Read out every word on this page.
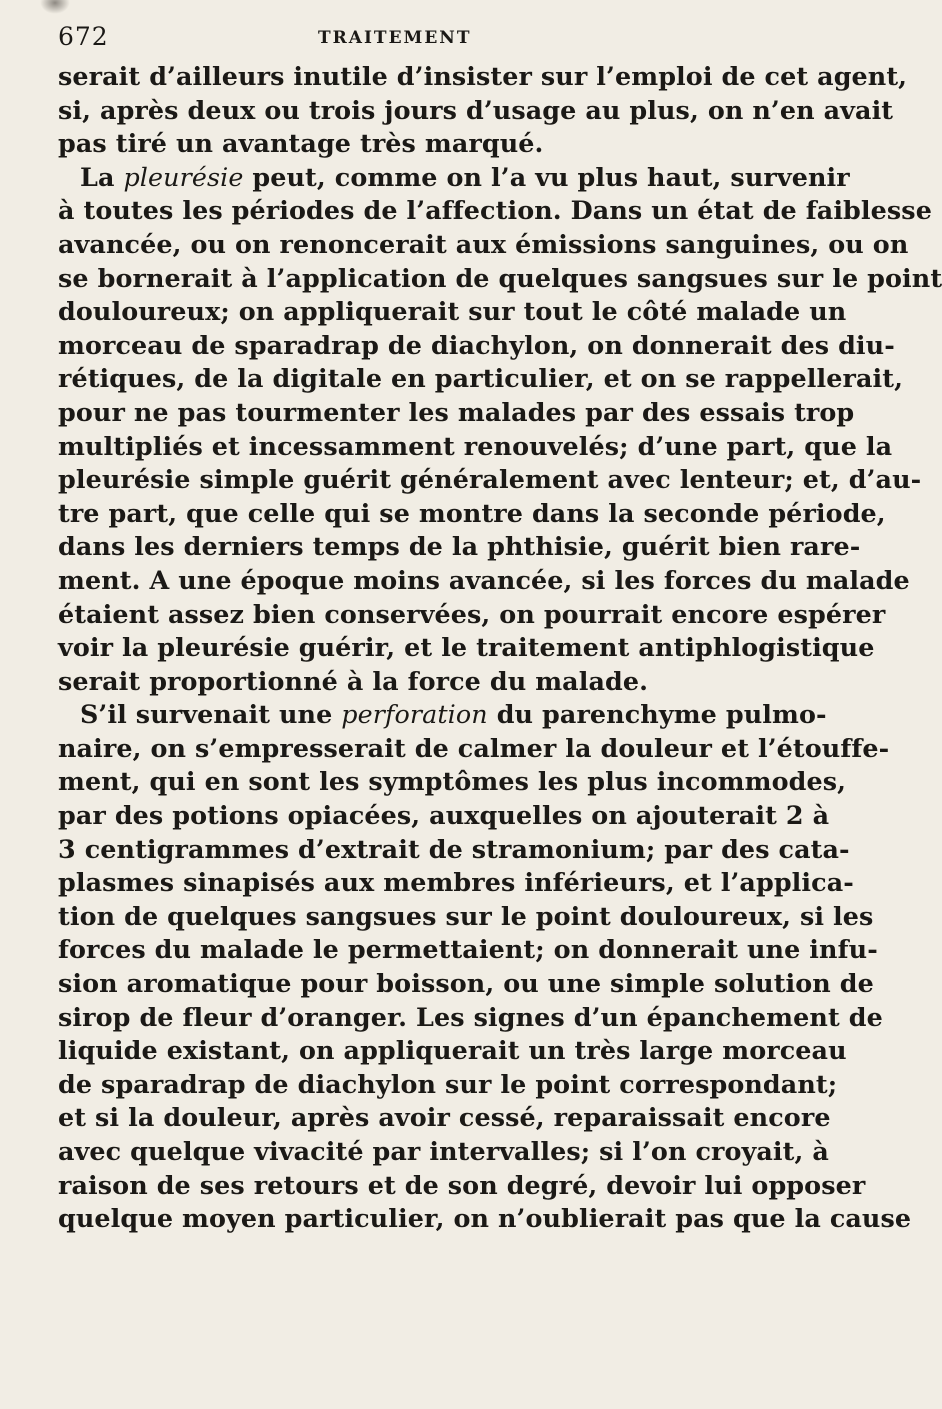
672	TRAITEMENT
serait d’ailleurs inutile d’insister sur l’emploi de cet agent,
si, après deux ou trois jours d’usage au plus, on n’en avait
pas tiré un avantage très marqué.
La pleurésie peut, comme on l’a vu plus haut, survenir
à toutes les périodes de l’affection. Dans un état de faiblesse
avancée, ou on renoncerait aux émissions sanguines, ou on
se bornerait à l’application de quelques sangsues sur le point
douloureux; on appliquerait sur tout le côté malade un
morceau de sparadrap de diachylon, on donnerait des diu-
rétiques, de la digitale en particulier, et on se rappellerait,
pour ne pas tourmenter les malades par des essais trop
multipliés et incessamment renouvelés; d’une part, que la
pleurésie simple guérit généralement avec lenteur; et, d’au-
tre part, que celle qui se montre dans la seconde période,
dans les derniers temps de la phthisie, guérit bien rare-
ment. A une époque moins avancée, si les forces du malade
étaient assez bien conservées, on pourrait encore espérer
voir la pleurésie guérir, et le traitement antiphlogistique
serait proportionné à la force du malade.
S’il survenait une perforation du parenchyme pulmo-
naire, on s’empresserait de calmer la douleur et l’étouffe-
ment, qui en sont les symptômes les plus incommodes,
par des potions opiacées, auxquelles on ajouterait 2 à
3 centigrammes d’extrait de stramonium; par des cata-
plasmes sinapisés aux membres inférieurs, et l’applica-
tion de quelques sangsues sur le point douloureux, si les
forces du malade le permettaient; on donnerait une infu-
sion aromatique pour boisson, ou une simple solution de
sirop de fleur d’oranger. Les signes d’un épanchement de
liquide existant, on appliquerait un très large morceau
de sparadrap de diachylon sur le point correspondant;
et si la douleur, après avoir cessé, reparaissait encore
avec quelque vivacité par intervalles; si l’on croyait, à
raison de ses retours et de son degré, devoir lui opposer
quelque moyen particulier, on n’oublierait pas que la cause
